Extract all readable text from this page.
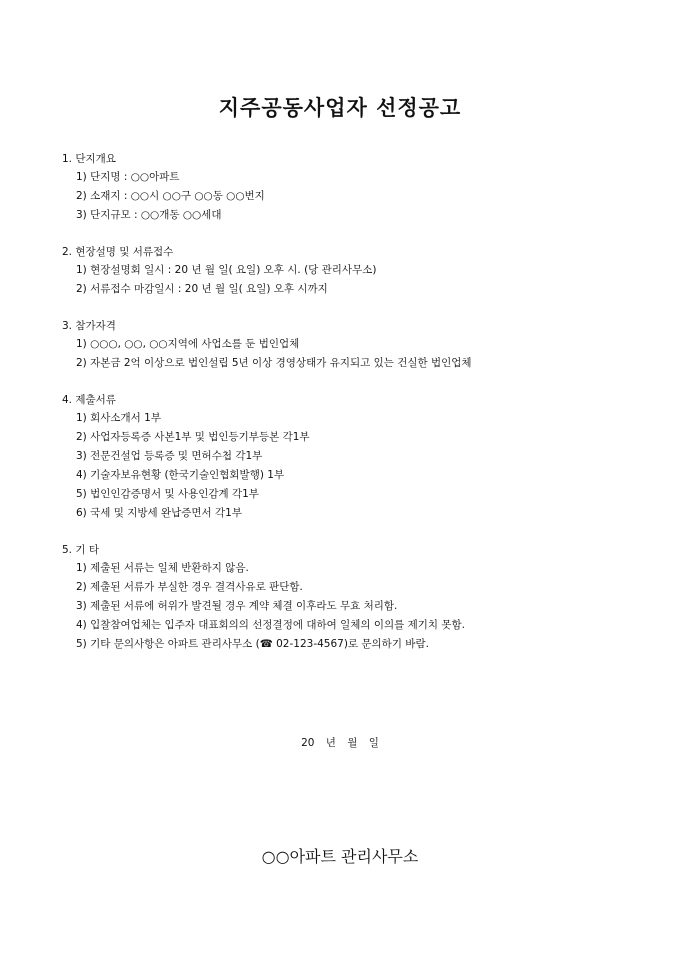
지주공동사업자 선정공고
1. 단지개요
1) 단지명 : ○○아파트
2) 소재지 : ○○시 ○○구 ○○동 ○○번지
3) 단지규모 : ○○개동 ○○세대
2. 현장설명 및 서류접수
1) 현장설명회 일시 : 20 년 월 일( 요일) 오후 시. (당 관리사무소)
2) 서류접수 마감일시 : 20 년 월 일( 요일) 오후 시까지
3. 참가자격
1) ○○○, ○○, ○○지역에 사업소를 둔 법인업체
2) 자본금 2억 이상으로 법인설립 5년 이상 경영상태가 유지되고 있는 건실한 법인업체
4. 제출서류
1) 회사소개서 1부
2) 사업자등록증 사본1부 및 법인등기부등본 각1부
3) 전문건설업 등록증 및 면허수첩 각1부
4) 기술자보유현황 (한국기술인협회발행) 1부
5) 법인인감증명서 및 사용인감계 각1부
6) 국세 및 지방세 완납증면서 각1부
5. 기 타
1) 제출된 서류는 일체 반환하지 않음.
2) 제출된 서류가 부실한 경우 결격사유로 판단함.
3) 제출된 서류에 허위가 발견될 경우 계약 체결 이후라도 무효 처리함.
4) 입찰참여업체는 입주자 대표회의의 선정결정에 대하여 일체의 이의를 제기치 못함.
5) 기타 문의사항은 아파트 관리사무소 (☎ 02-123-4567)로 문의하기 바람.
20 년 월 일
○○아파트 관리사무소
